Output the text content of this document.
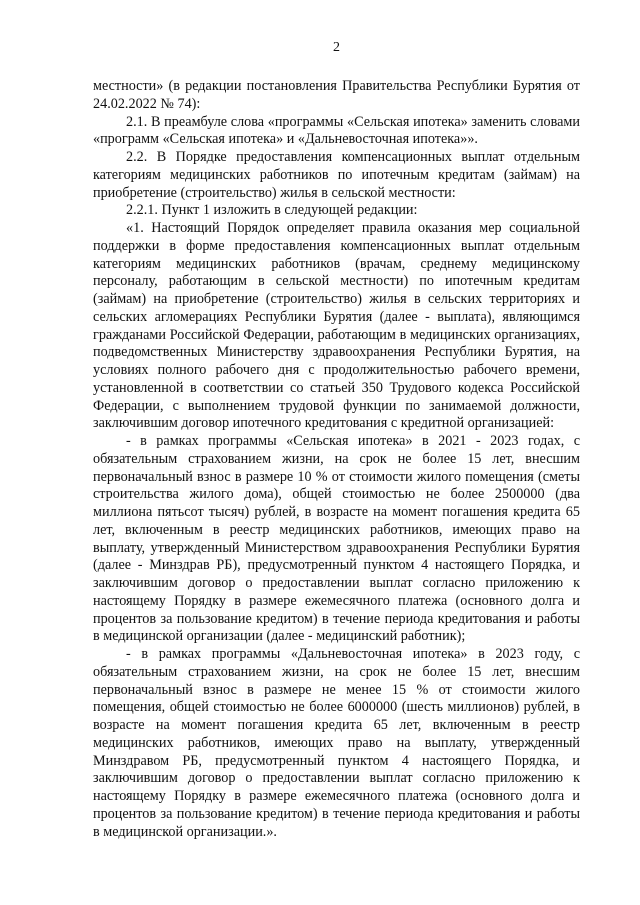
2

местности» (в редакции постановления Правительства Республики Бурятия от 24.02.2022 № 74):

2.1. В преамбуле слова «программы «Сельская ипотека» заменить словами «программ «Сельская ипотека» и «Дальневосточная ипотека»».

2.2. В Порядке предоставления компенсационных выплат отдельным категориям медицинских работников по ипотечным кредитам (займам) на приобретение (строительство) жилья в сельской местности:

2.2.1. Пункт 1 изложить в следующей редакции:

«1. Настоящий Порядок определяет правила оказания мер социальной поддержки в форме предоставления компенсационных выплат отдельным категориям медицинских работников (врачам, среднему медицинскому персоналу, работающим в сельской местности) по ипотечным кредитам (займам) на приобретение (строительство) жилья в сельских территориях и сельских агломерациях Республики Бурятия (далее - выплата), являющимся гражданами Российской Федерации, работающим в медицинских организациях, подведомственных Министерству здравоохранения Республики Бурятия, на условиях полного рабочего дня с продолжительностью рабочего времени, установленной в соответствии со статьей 350 Трудового кодекса Российской Федерации, с выполнением трудовой функции по занимаемой должности, заключившим договор ипотечного кредитования с кредитной организацией:

- в рамках программы «Сельская ипотека» в 2021 - 2023 годах, с обязательным страхованием жизни, на срок не более 15 лет, внесшим первоначальный взнос в размере 10 % от стоимости жилого помещения (сметы строительства жилого дома), общей стоимостью не более 2500000 (два миллиона пятьсот тысяч) рублей, в возрасте на момент погашения кредита 65 лет, включенным в реестр медицинских работников, имеющих право на выплату, утвержденный Министерством здравоохранения Республики Бурятия (далее - Минздрав РБ), предусмотренный пунктом 4 настоящего Порядка, и заключившим договор о предоставлении выплат согласно приложению к настоящему Порядку в размере ежемесячного платежа (основного долга и процентов за пользование кредитом) в течение периода кредитования и работы в медицинской организации (далее - медицинский работник);

- в рамках программы «Дальневосточная ипотека» в 2023 году, с обязательным страхованием жизни, на срок не более 15 лет, внесшим первоначальный взнос в размере не менее 15 % от стоимости жилого помещения, общей стоимостью не более 6000000 (шесть миллионов) рублей, в возрасте на момент погашения кредита 65 лет, включенным в реестр медицинских работников, имеющих право на выплату, утвержденный Минздравом РБ, предусмотренный пунктом 4 настоящего Порядка, и заключившим договор о предоставлении выплат согласно приложению к настоящему Порядку в размере ежемесячного платежа (основного долга и процентов за пользование кредитом) в течение периода кредитования и работы в медицинской организации.».
